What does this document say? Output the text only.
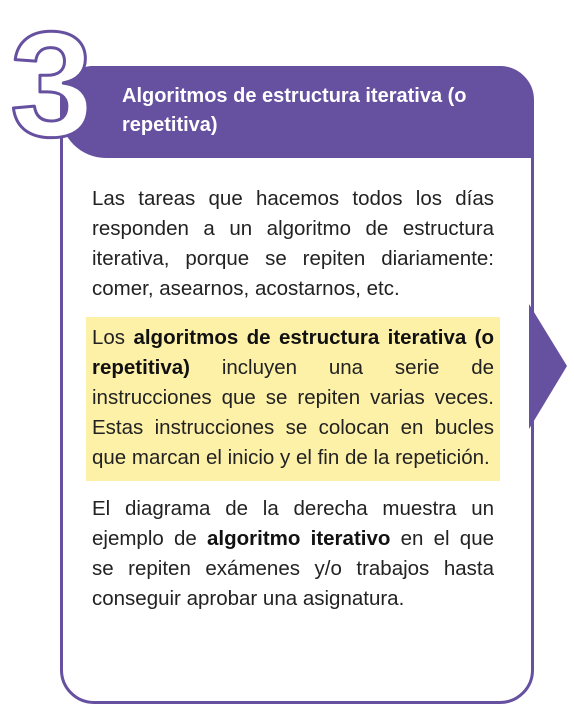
Algoritmos de estructura iterativa (o repetitiva)
3

Las tareas que hacemos todos los días responden a un algoritmo de estructura iterativa, porque se repiten diariamente: comer, asearnos, acostarnos, etc.

Los algoritmos de estructura iterativa (o repetitiva) incluyen una serie de instrucciones que se repiten varias veces. Estas instrucciones se colocan en bucles que marcan el inicio y el fin de la repetición.

El diagrama de la derecha muestra un ejemplo de algoritmo iterativo en el que se repiten exámenes y/o trabajos hasta conseguir aprobar una asignatura.
